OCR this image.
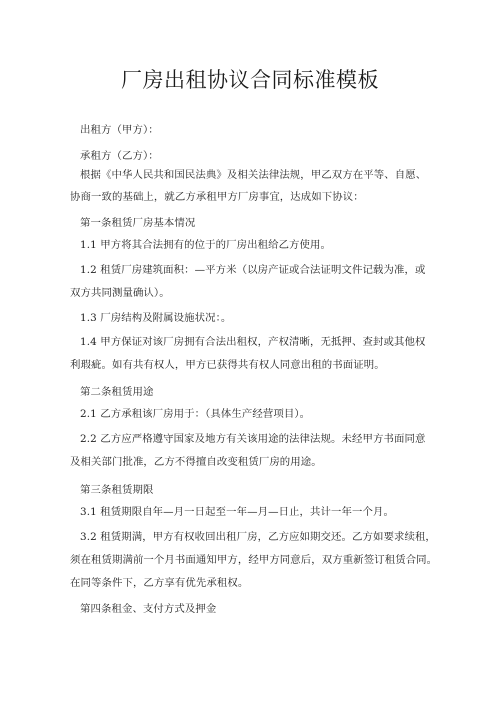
厂房出租协议合同标准模板
出租方（甲方）：
承租方（乙方）：
根据《中华人民共和国民法典》及相关法律法规，甲乙双方在平等、自愿、
协商一致的基础上，就乙方承租甲方厂房事宜，达成如下协议：
第一条租赁厂房基本情况
1.1 甲方将其合法拥有的位于的厂房出租给乙方使用。
1.2 租赁厂房建筑面积：—平方米（以房产证或合法证明文件记载为准，或
双方共同测量确认）。
1.3 厂房结构及附属设施状况：。
1.4 甲方保证对该厂房拥有合法出租权，产权清晰，无抵押、查封或其他权
利瑕疵。如有共有权人，甲方已获得共有权人同意出租的书面证明。
第二条租赁用途
2.1 乙方承租该厂房用于：（具体生产经营项目）。
2.2 乙方应严格遵守国家及地方有关该用途的法律法规。未经甲方书面同意
及相关部门批准，乙方不得擅自改变租赁厂房的用途。
第三条租赁期限
3.1 租赁期限自年—月一日起至一年—月—日止，共计一年一个月。
3.2 租赁期满，甲方有权收回出租厂房，乙方应如期交还。乙方如要求续租，
须在租赁期满前一个月书面通知甲方，经甲方同意后，双方重新签订租赁合同。
在同等条件下，乙方享有优先承租权。
第四条租金、支付方式及押金
